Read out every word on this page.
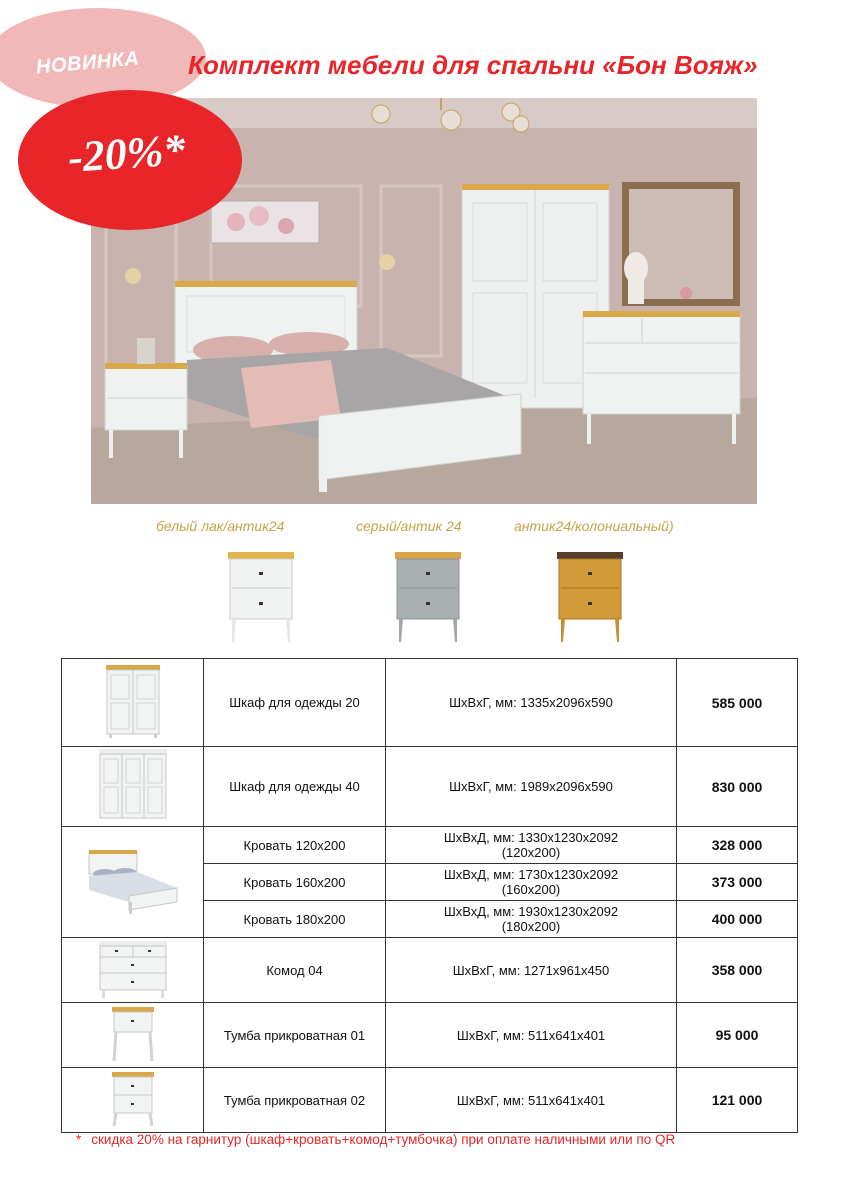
НОВИНКА Комплект мебели для спальни «Бон Вояж»
-20%*
белый лак/антик24	серый/антик 24	антик24/колониальный)
	Шкаф для одежды 20	ШхВхГ, мм: 1335x2096x590	585 000
	Шкаф для одежды 40	ШхВхГ, мм: 1989x2096x590	830 000
	Кровать 120x200	ШхВхД, мм: 1330x1230x2092
(120x200)	328 000
	Кровать 160x200	ШхВхД, мм: 1730x1230x2092
(160x200)	373 000
	Кровать 180x200	ШхВхД, мм: 1930x1230x2092
(180x200)	400 000
	Комод 04	ШхВхГ, мм: 1271x961x450	358 000
	Тумба прикроватная 01	ШхВхГ, мм: 511x641x401	95 000
	Тумба прикроватная 02	ШхВхГ, мм: 511x641x401	121 000
* скидка 20% на гарнитур (шкаф+кровать+комод+тумбочка) при оплате наличными или по QR
